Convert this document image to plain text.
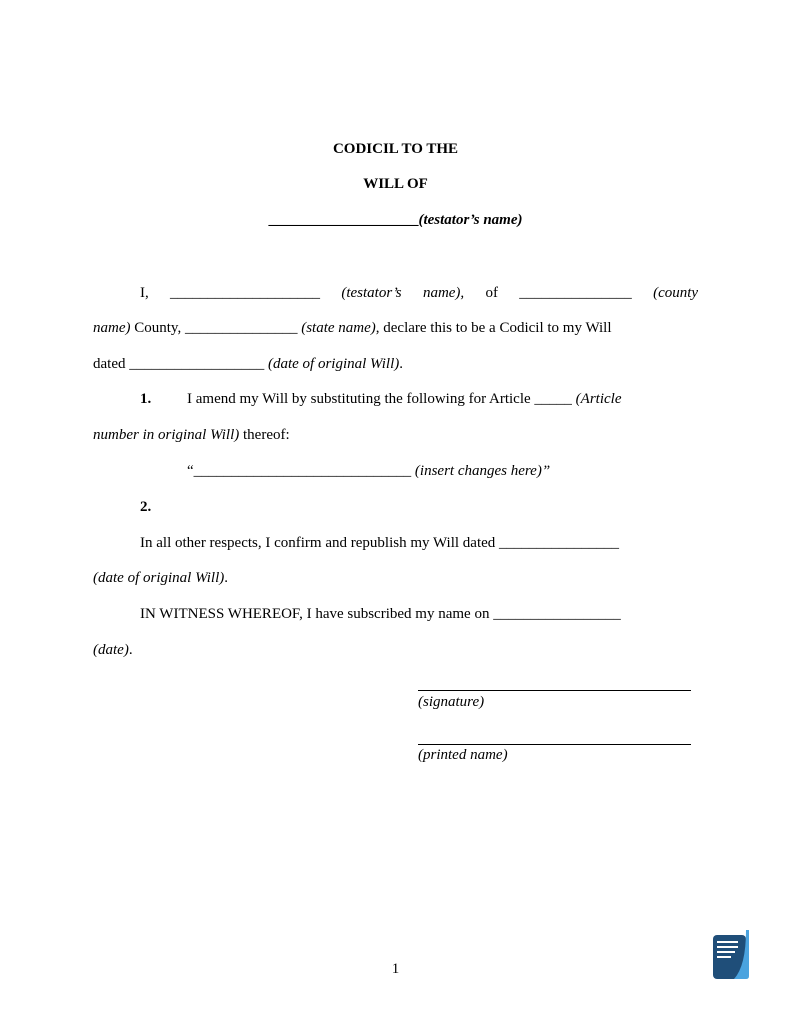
CODICIL TO THE
WILL OF
____________________(testator’s name)
I, ____________________ (testator’s name), of _______________ (county
name) County, _______________ (state name), declare this to be a Codicil to my Will
dated __________________ (date of original Will).
1. I amend my Will by substituting the following for Article _____ (Article
number in original Will) thereof:
“_____________________________ (insert changes here)”
2.
In all other respects, I confirm and republish my Will dated ________________
(date of original Will).
IN WITNESS WHEREOF, I have subscribed my name on _________________
(date).
(signature)
(printed name)
1
